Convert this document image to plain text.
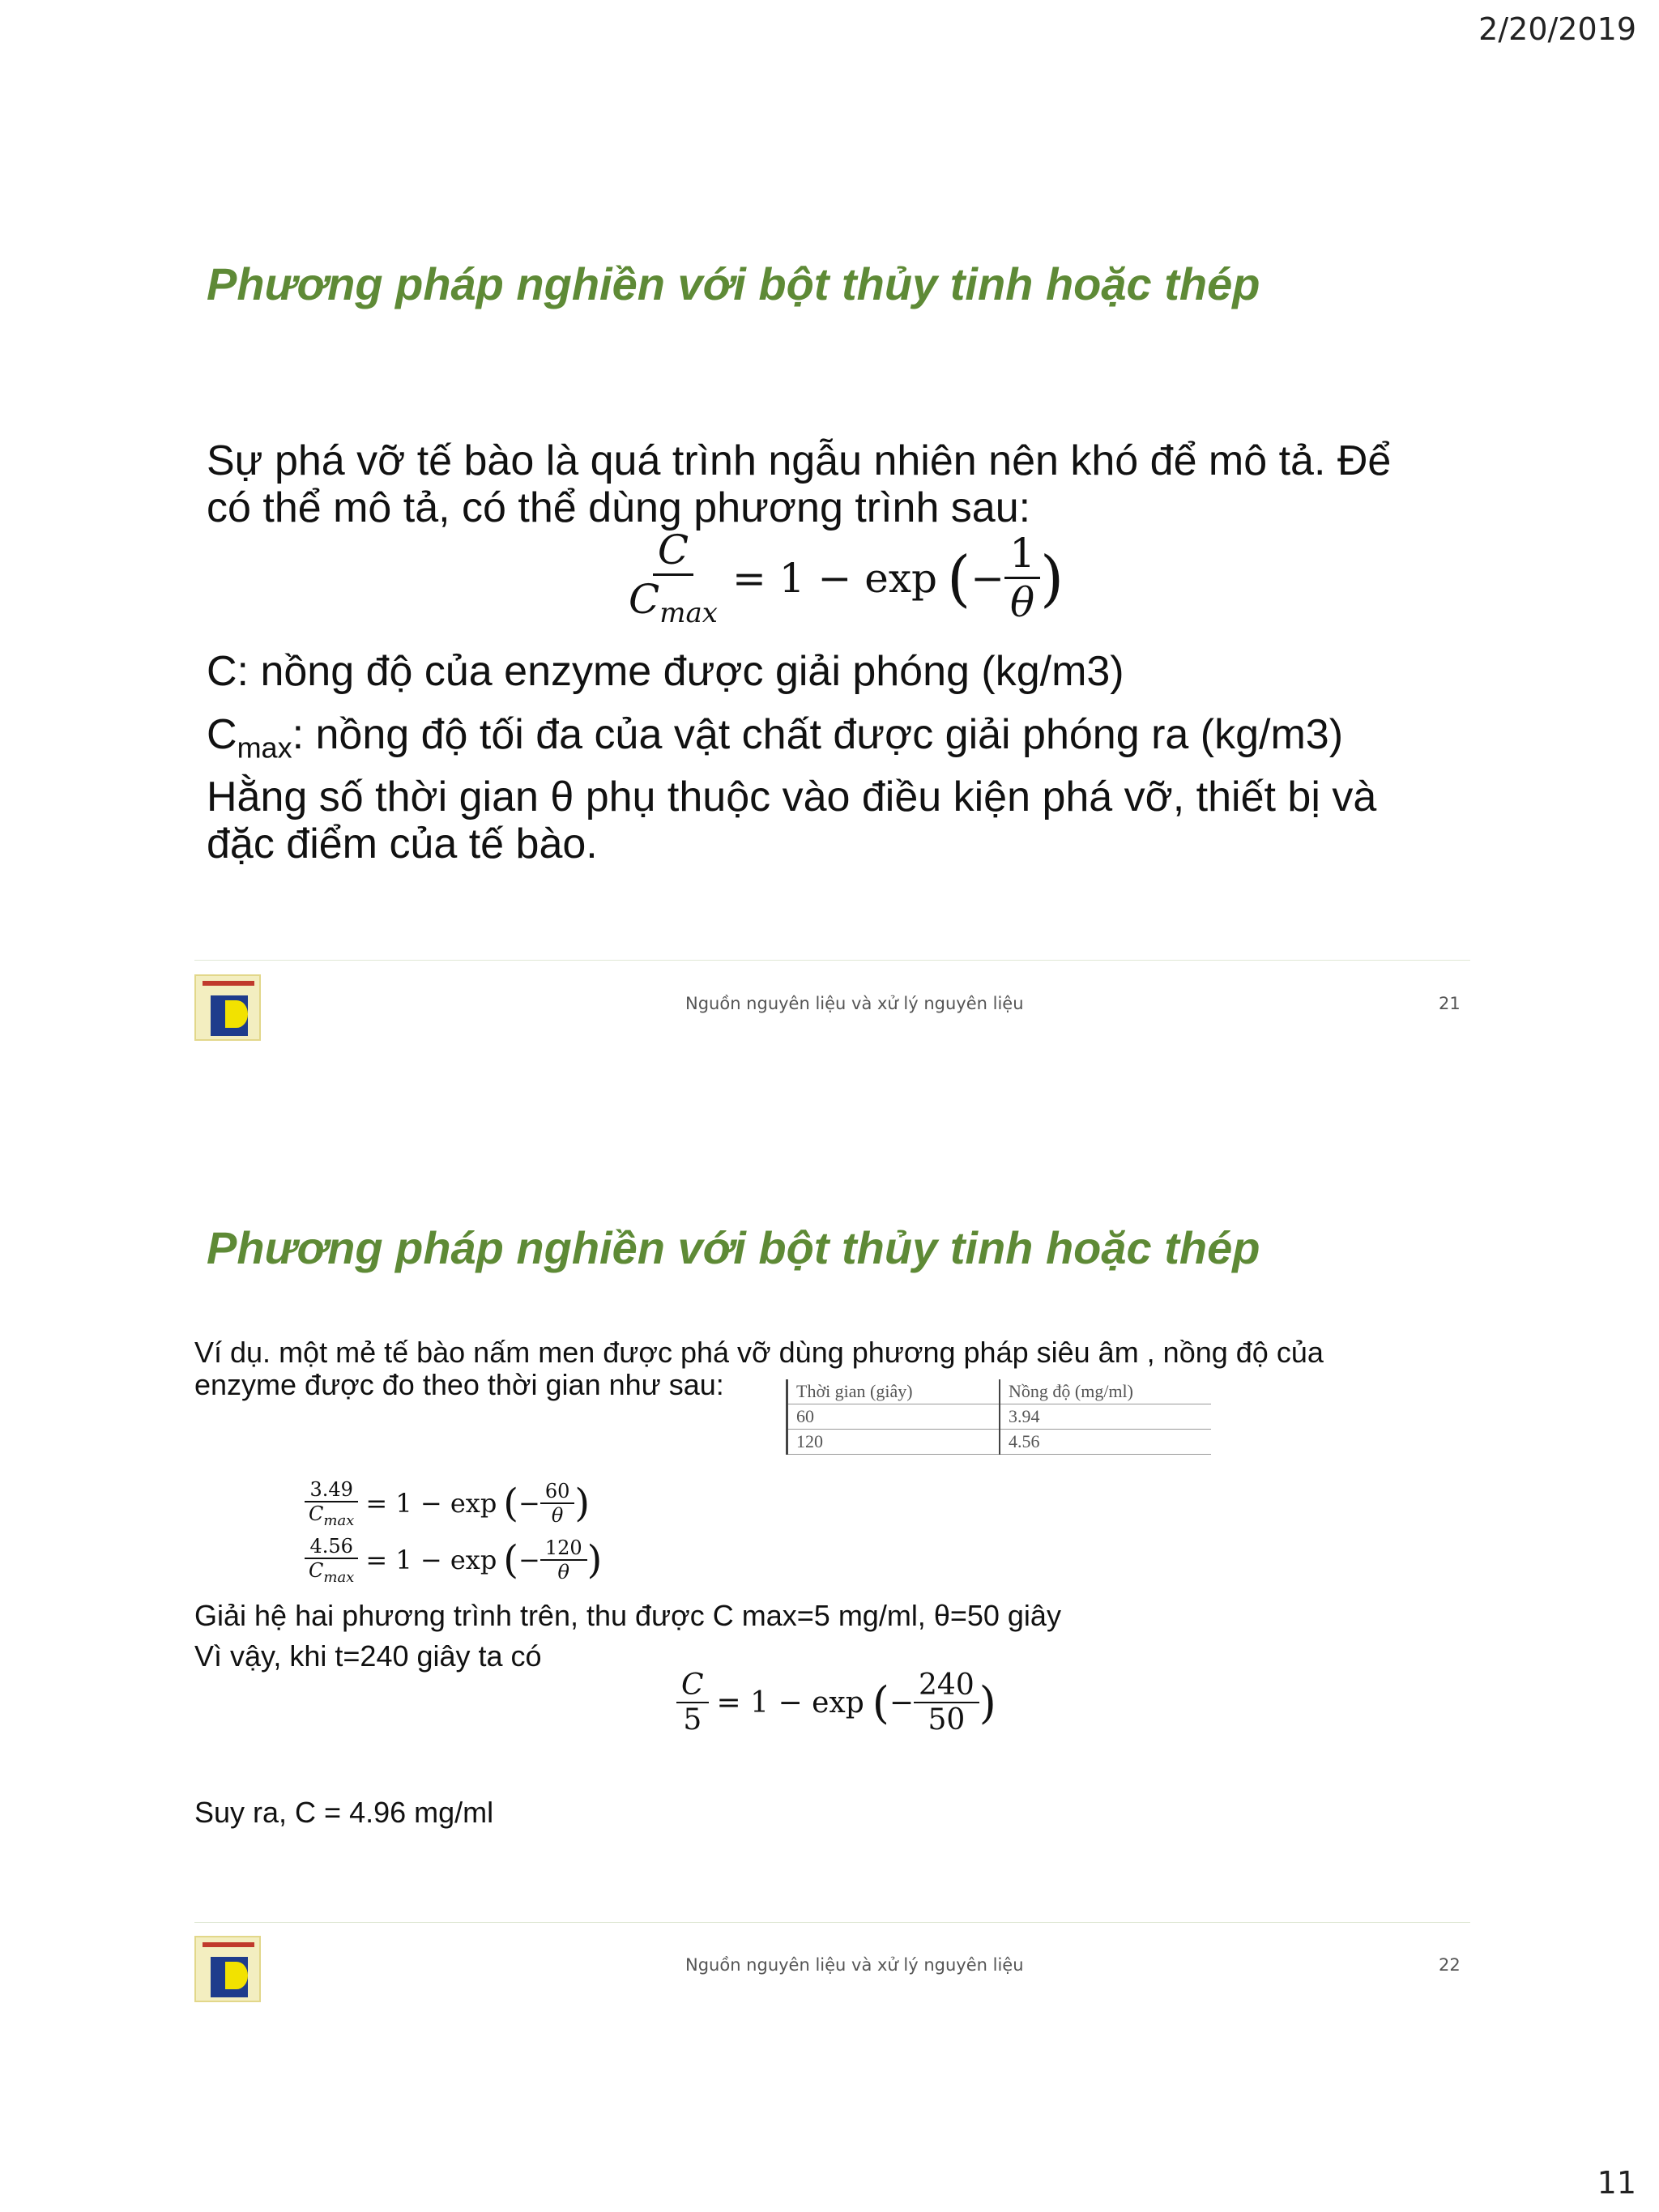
2/20/2019
Phương pháp nghiền với bột thủy tinh hoặc thép
Sự phá vỡ tế bào là quá trình ngẫu nhiên nên khó để mô tả. Để có thể mô tả, có thể dùng phương trình sau:
$\frac{C}{C_{max}} = 1 - \exp$ ( − $\frac{1}{\theta}$ )
C: nồng độ của enzyme được giải phóng (kg/m3)
$C_{max}$: nồng độ tối đa của vật chất được giải phóng ra (kg/m3)
Hằng số thời gian θ phụ thuộc vào điều kiện phá vỡ, thiết bị và đặc điểm của tế bào.
Nguồn nguyên liệu và xử lý nguyên liệu	21
Phương pháp nghiền với bột thủy tinh hoặc thép
Ví dụ. một mẻ tế bào nấm men được phá vỡ dùng phương pháp siêu âm , nồng độ của enzyme được đo theo thời gian như sau:	Thời gian (giây)	Nồng độ (mg/ml)
60	3.94
120	4.56
$\frac{3.49}{C_{max}} = 1 - \exp$ ( − $\frac{60}{\theta}$ )
$\frac{4.56}{C_{max}} = 1 - \exp$ ( − $\frac{120}{\theta}$ )
Giải hệ hai phương trình trên, thu được C max=5 mg/ml, θ=50 giây
Vì vậy, khi t=240 giây ta có
$\frac{C}{5} = 1 - \exp$ ( − $\frac{240}{50}$ )
Suy ra, C = 4.96 mg/ml
Nguồn nguyên liệu và xử lý nguyên liệu	22
11
